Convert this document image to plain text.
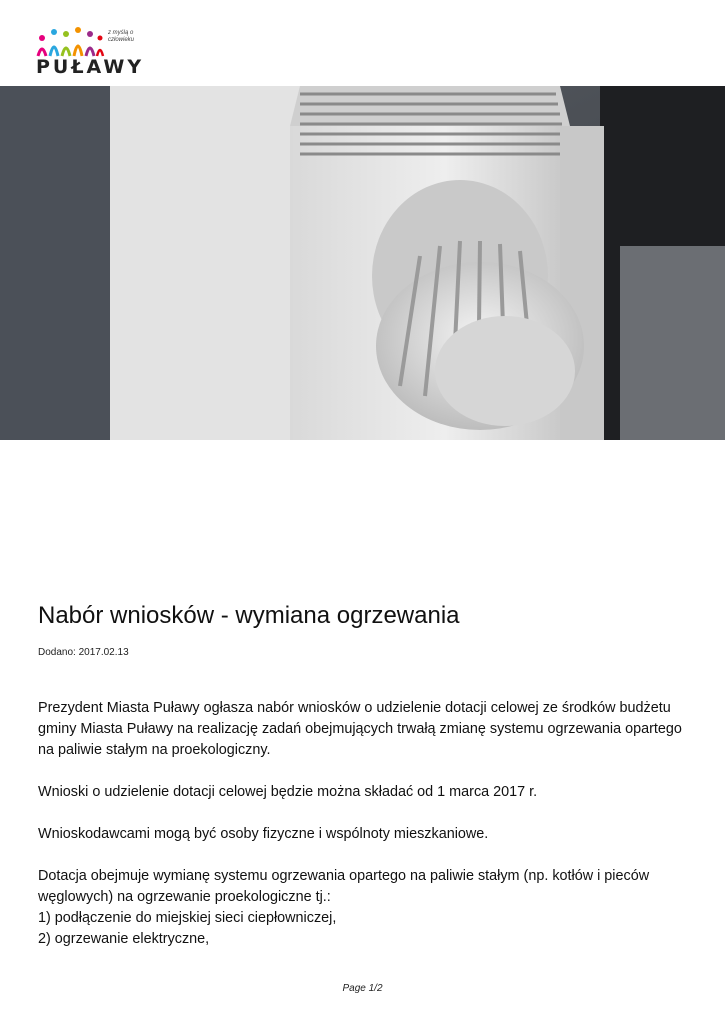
z myślą o człowieku
PUŁAWY
Nabór wniosków - wymiana ogrzewania
Dodano: 2017.02.13

Prezydent Miasta Puławy ogłasza nabór wniosków o udzielenie dotacji celowej ze środków budżetu gminy Miasta Puławy na realizację zadań obejmujących trwałą zmianę systemu ogrzewania opartego na paliwie stałym na proekologiczny.

Wnioski o udzielenie dotacji celowej będzie można składać od 1 marca 2017 r.

Wnioskodawcami mogą być osoby fizyczne i wspólnoty mieszkaniowe.

Dotacja obejmuje wymianę systemu ogrzewania opartego na paliwie stałym (np. kotłów i pieców węglowych) na ogrzewanie proekologiczne tj.:
1) podłączenie do miejskiej sieci ciepłowniczej,
2) ogrzewanie elektryczne,

Page 1/2
